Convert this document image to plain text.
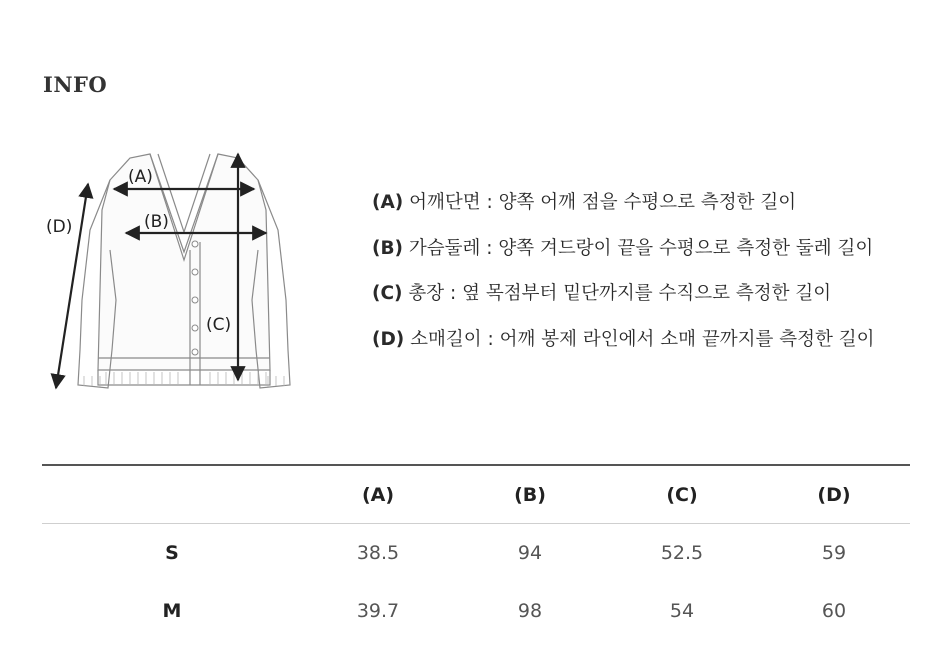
INFO
(A)
(B)
(C)
(D)
(A) 어깨단면 : 양쪽 어깨 점을 수평으로 측정한 길이
(B) 가슴둘레 : 양쪽 겨드랑이 끝을 수평으로 측정한 둘레 길이
(C) 총장 : 옆 목점부터 밑단까지를 수직으로 측정한 길이
(D) 소매길이 : 어깨 봉제 라인에서 소매 끝까지를 측정한 길이
	(A)	(B)	(C)	(D)
S	38.5	94	52.5	59
M	39.7	98	54	60
